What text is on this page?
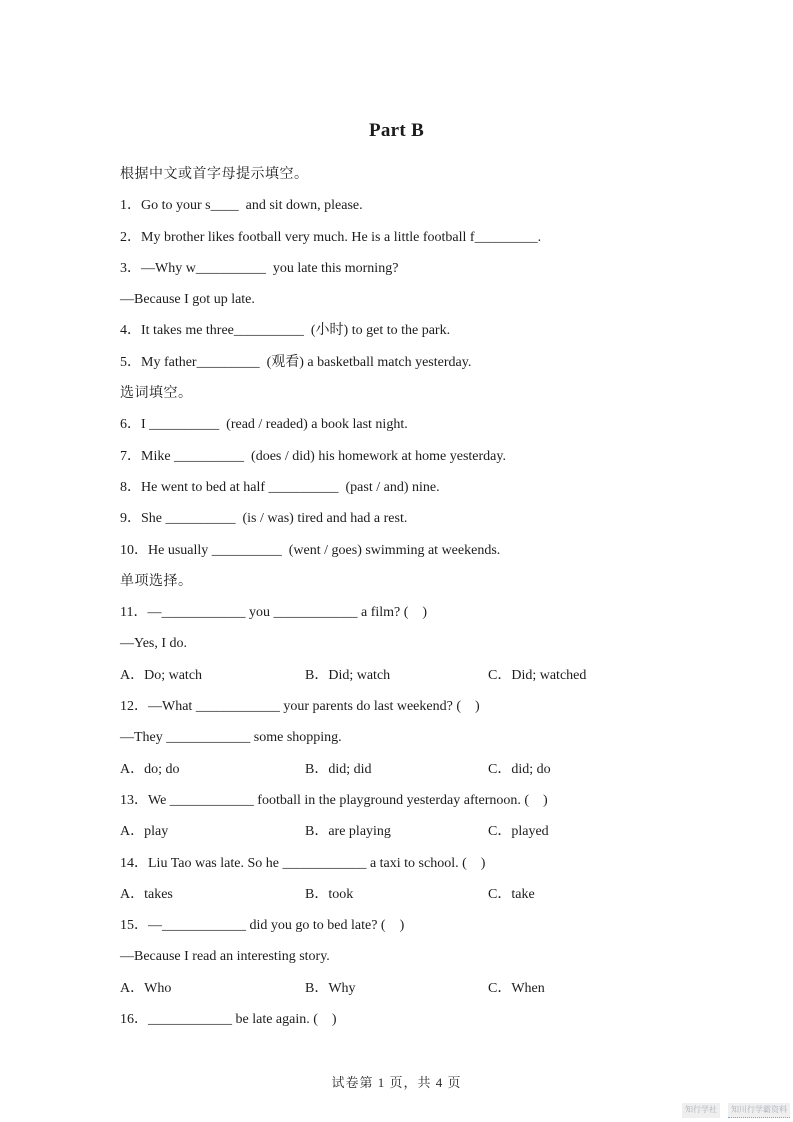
Part B
根据中文或首字母提示填空。
1．Go to your s____  and sit down, please.
2．My brother likes football very much. He is a little football f_________.
3．—Why w__________  you late this morning?
—Because I got up late.
4．It takes me three__________  (小时) to get to the park.
5．My father_________  (观看) a basketball match yesterday.
选词填空。
6．I __________  (read / readed) a book last night.
7．Mike __________  (does / did) his homework at home yesterday.
8．He went to bed at half __________  (past / and) nine.
9．She __________  (is / was) tired and had a rest.
10．He usually __________  (went / goes) swimming at weekends.
单项选择。
11．—____________ you ____________ a film? (    )
—Yes, I do.
A．Do; watch	B．Did; watch	C．Did; watched
12．—What ____________ your parents do last weekend? (    )
—They ____________ some shopping.
A．do; do	B．did; did	C．did; do
13．We ____________ football in the playground yesterday afternoon. (    )
A．play	B．are playing	C．played
14．Liu Tao was late. So he ____________ a taxi to school. (    )
A．takes	B．took	C．take
15．—____________ did you go to bed late? (    )
—Because I read an interesting story.
A．Who	B．Why	C．When
16．____________ be late again. (    )
试卷第 1 页，共 4 页
知行学社	知川行学霸资料
